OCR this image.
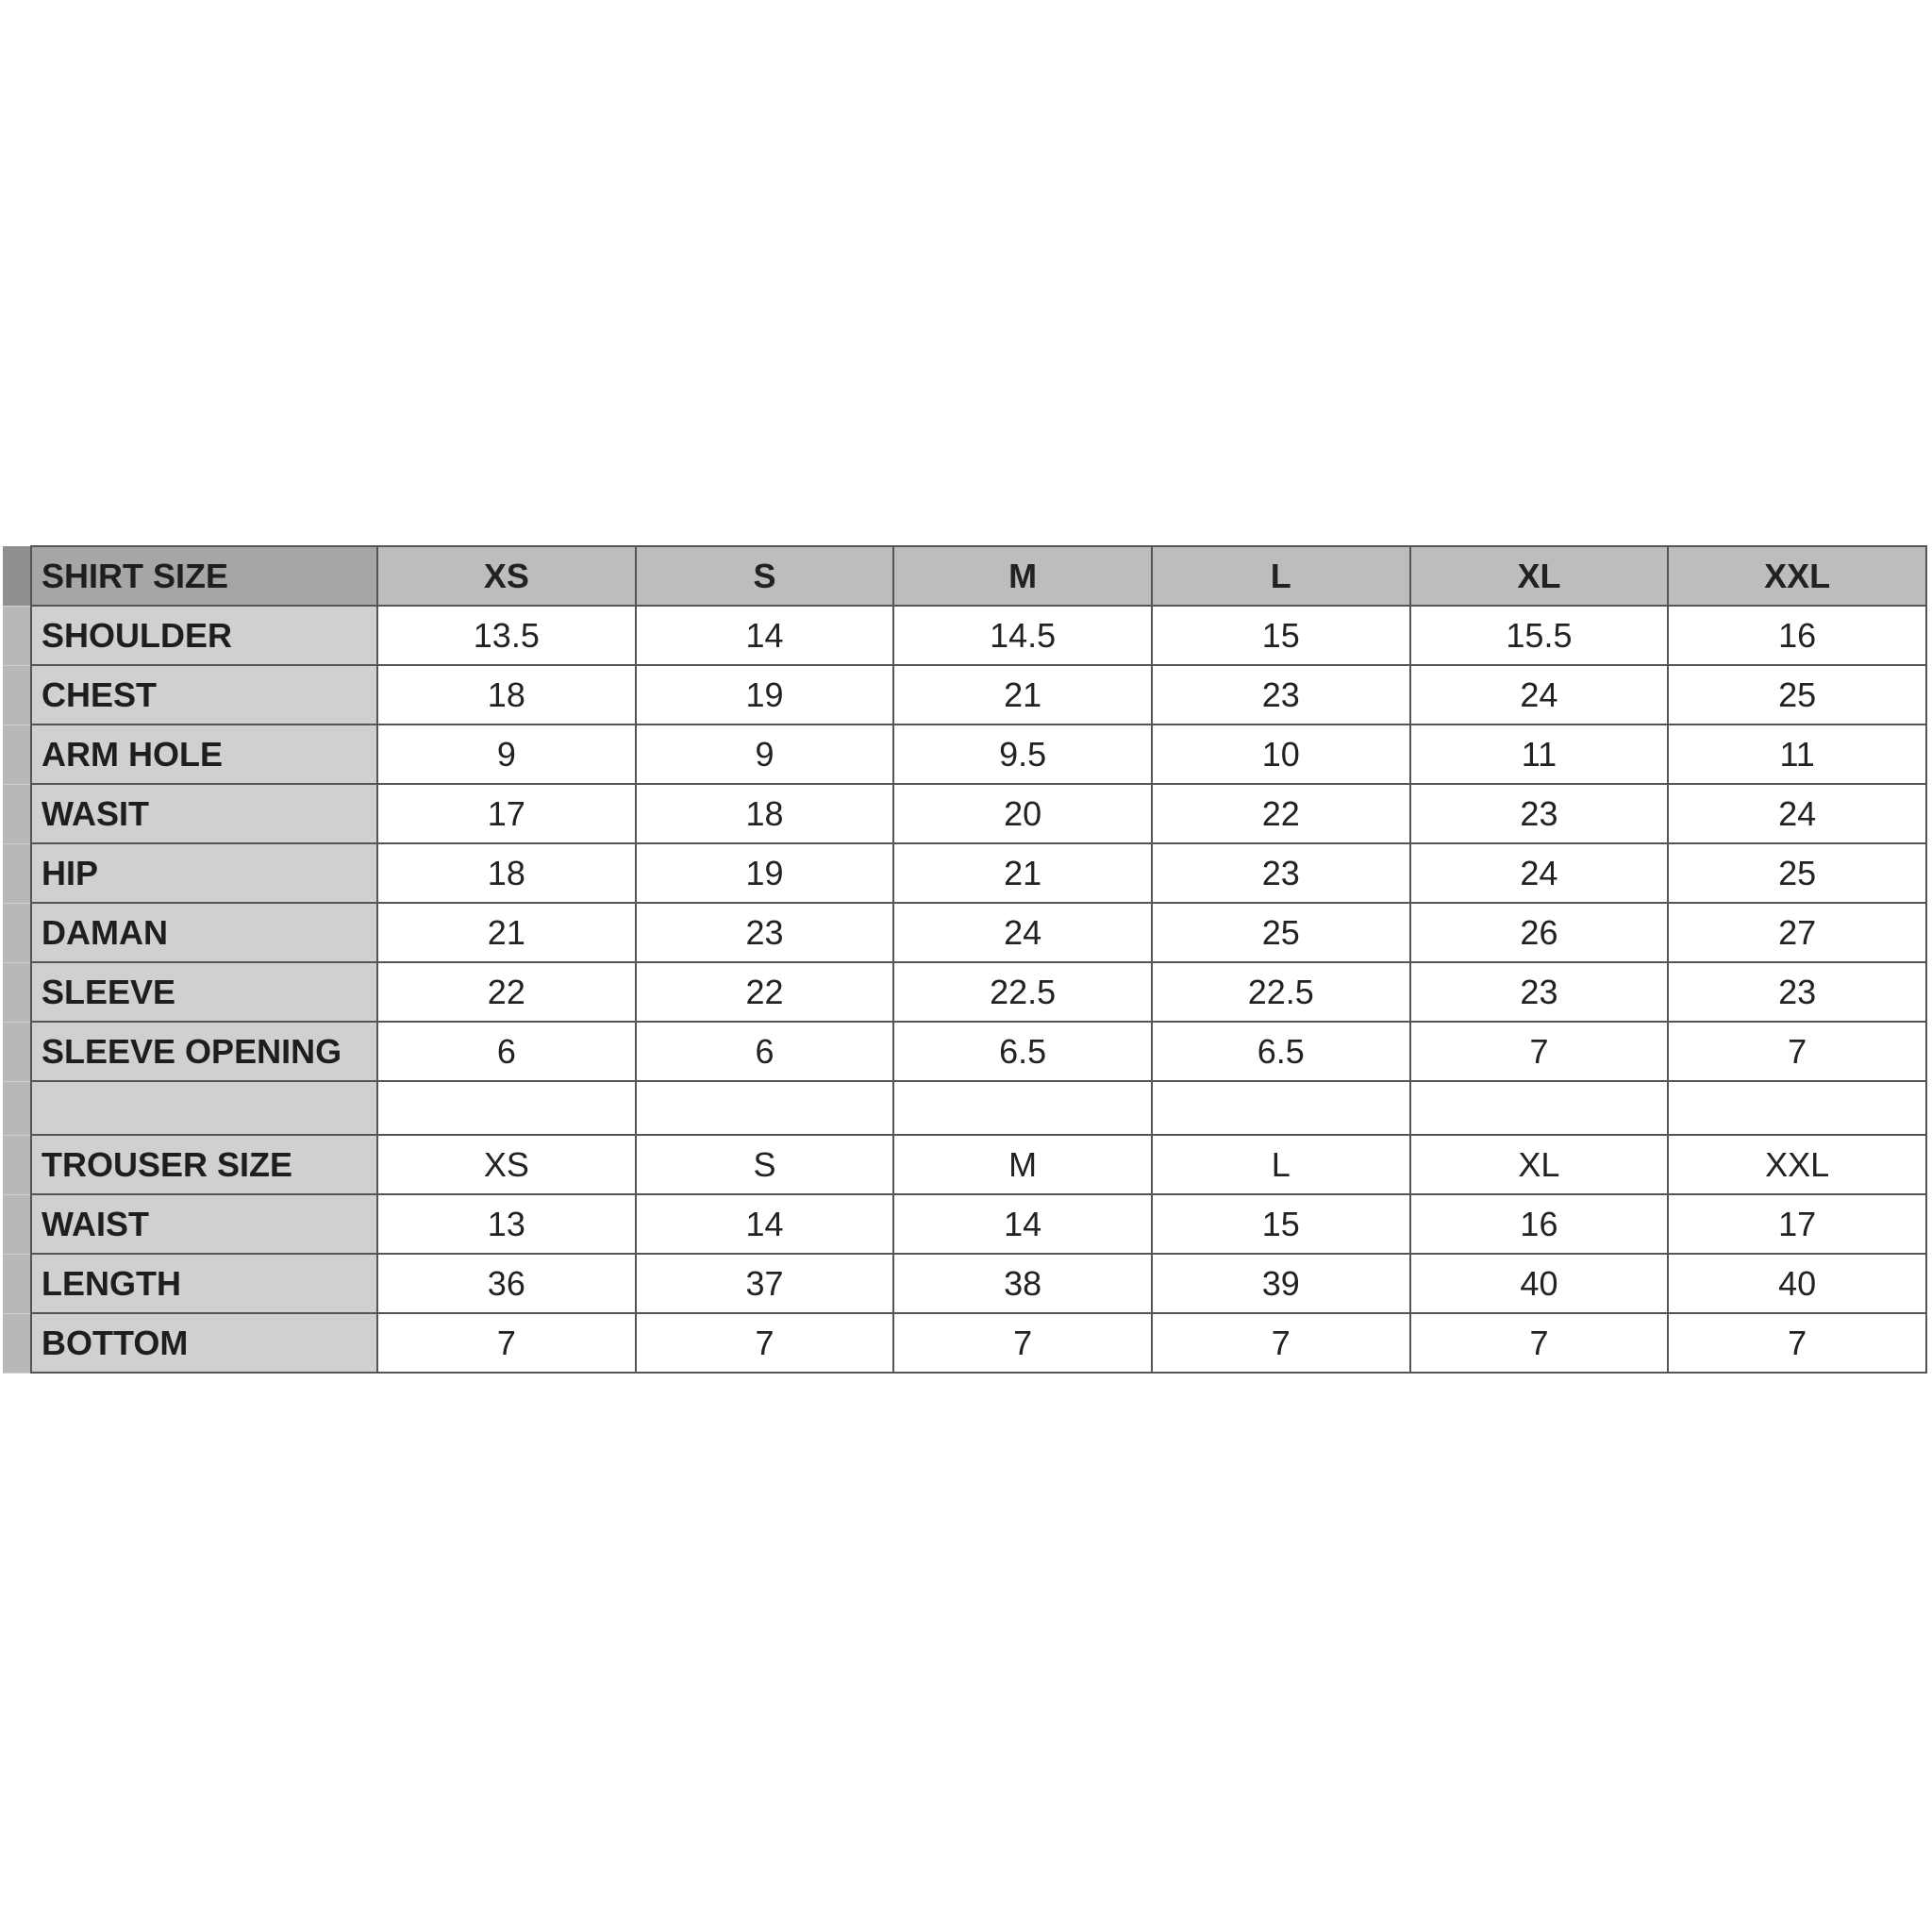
	SHIRT SIZE	XS	S	M	L	XL	XXL
	SHOULDER	13.5	14	14.5	15	15.5	16
	CHEST	18	19	21	23	24	25
	ARM HOLE	9	9	9.5	10	11	11
	WASIT	17	18	20	22	23	24
	HIP	18	19	21	23	24	25
	DAMAN	21	23	24	25	26	27
	SLEEVE	22	22	22.5	22.5	23	23
	SLEEVE OPENING	6	6	6.5	6.5	7	7

	TROUSER SIZE	XS	S	M	L	XL	XXL
	WAIST	13	14	14	15	16	17
	LENGTH	36	37	38	39	40	40
	BOTTOM	7	7	7	7	7	7
